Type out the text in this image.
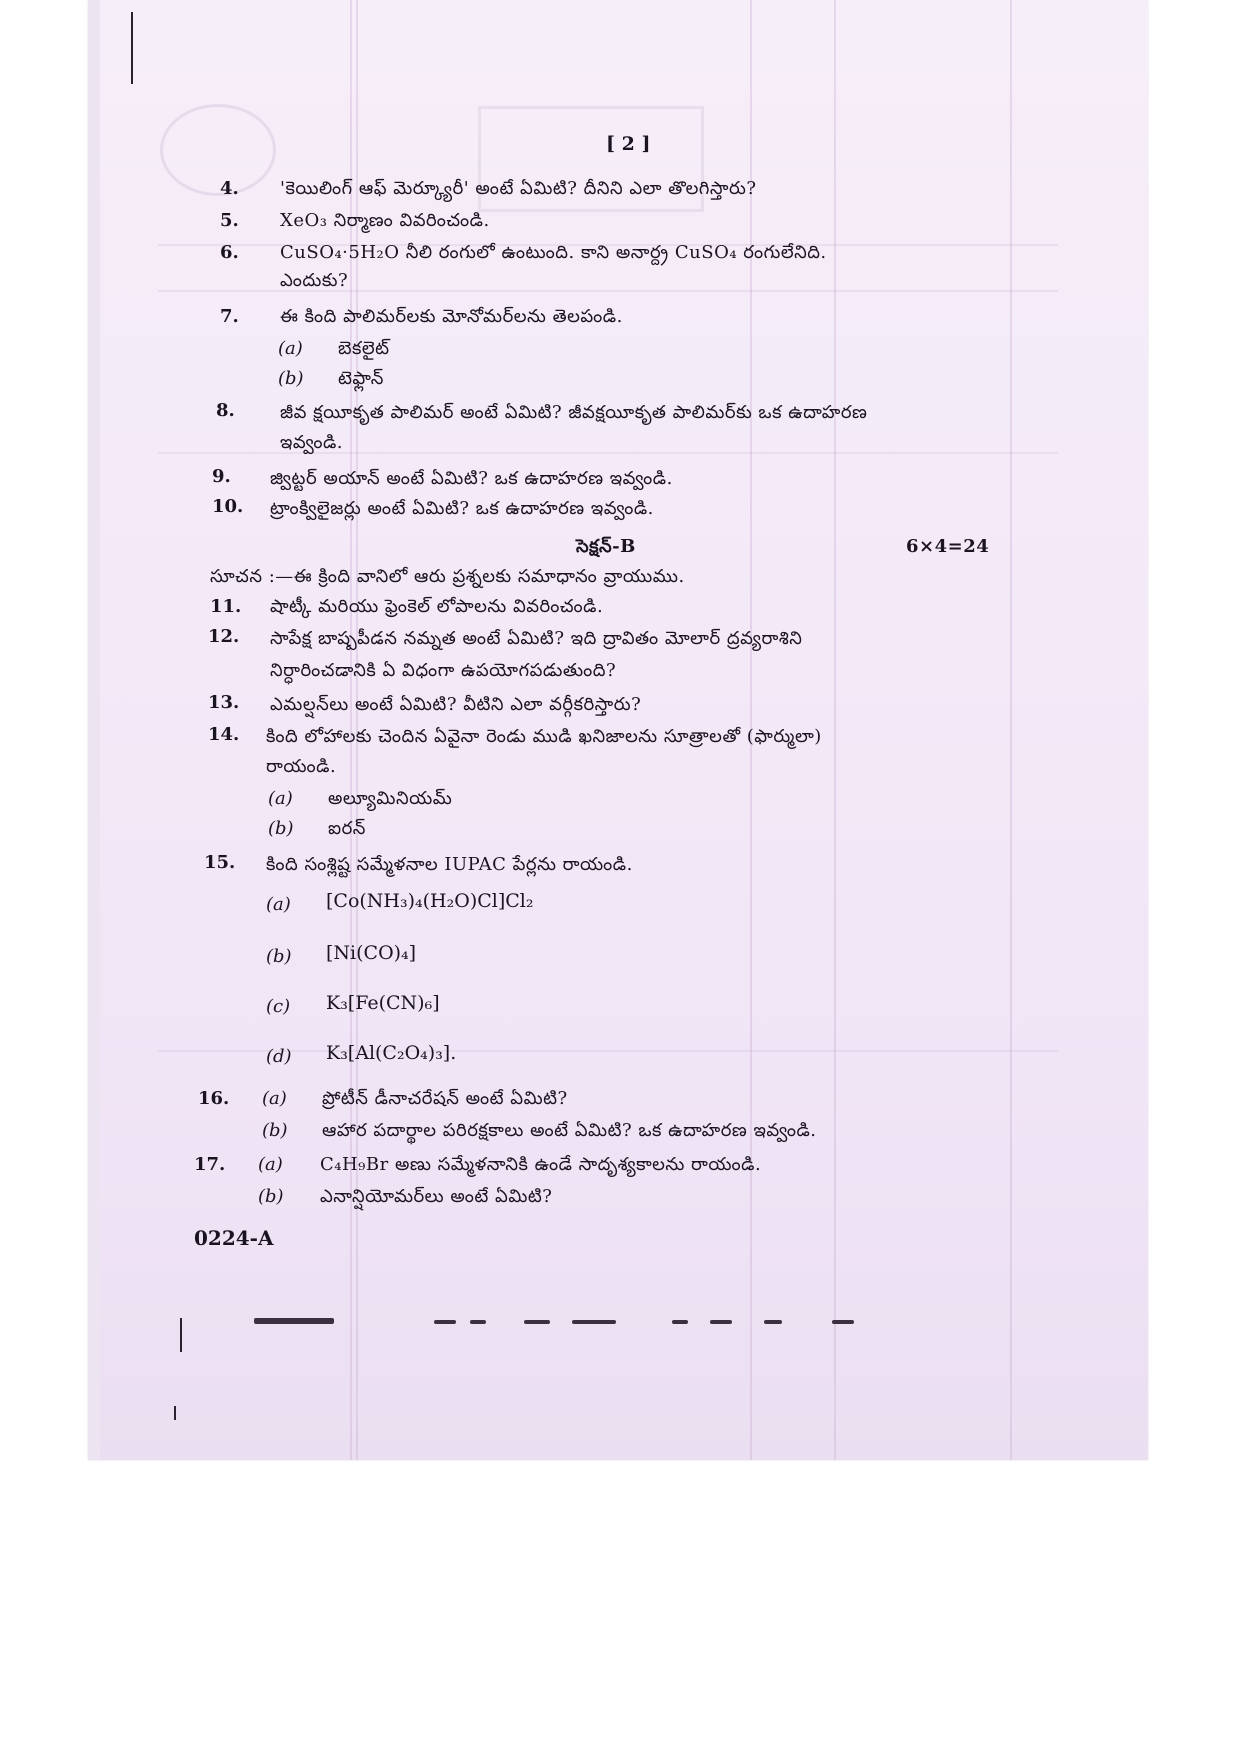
[ 2 ]
4. 'కెయిలింగ్ ఆఫ్ మెర్క్యూరీ' అంటే ఏమిటి? దీనిని ఎలా తొలగిస్తారు?
5. XeO₃ నిర్మాణం వివరించండి.
6. CuSO₄·5H₂O నీలి రంగులో ఉంటుంది. కాని అనార్ద్ర CuSO₄ రంగులేనిది.
ఎందుకు?
7. ఈ కింది పాలిమర్‌లకు మోనోమర్‌లను తెలపండి.
(a) బెకలైట్
(b) టెఫ్లాన్
8.	జీవ క్షయీకృత పాలిమర్ అంటే ఏమిటి? జీవక్షయీకృత పాలిమర్‌కు ఒక ఉదాహరణ
ఇవ్వండి.
9. జ్విట్టర్ అయాన్ అంటే ఏమిటి? ఒక ఉదాహరణ ఇవ్వండి.
10. ట్రాంక్విలైజర్లు అంటే ఏమిటి? ఒక ఉదాహరణ ఇవ్వండి.
సెక్షన్-B	6×4=24
సూచన :—ఈ క్రింది వానిలో ఆరు ప్రశ్నలకు సమాధానం వ్రాయుము.
11. షాట్కీ మరియు ఫ్రెంకెల్ లోపాలను వివరించండి.
12. సాపేక్ష బాష్పపీడన నమ్నత అంటే ఏమిటి? ఇది ద్రావితం మోలార్ ద్రవ్యరాశిని
నిర్ధారించడానికి ఏ విధంగా ఉపయోగపడుతుంది?
13. ఎమల్షన్‌లు అంటే ఏమిటి? వీటిని ఎలా వర్గీకరిస్తారు?
14. కింది లోహాలకు చెందిన ఏవైనా రెండు ముడి ఖనిజాలను సూత్రాలతో (ఫార్ములా)
రాయండి.
(a) అల్యూమినియమ్
(b) ఐరన్
15. కింది సంశ్లిష్ట సమ్మేళనాల IUPAC పేర్లను రాయండి.
(a) [Co(NH₃)₄(H₂O)Cl]Cl₂
(b) [Ni(CO)₄]
(c) K₃[Fe(CN)₆]
(d) K₃[Al(C₂O₄)₃].
16. (a) ప్రోటీన్ డీనాచరేషన్ అంటే ఏమిటి?
(b) ఆహార పదార్థాల పరిరక్షకాలు అంటే ఏమిటి? ఒక ఉదాహరణ ఇవ్వండి.
17. (a) C₄H₉Br అణు సమ్మేళనానికి ఉండే సాదృశ్యకాలను రాయండి.
(b) ఎనాన్షియోమర్‌లు అంటే ఏమిటి?
0224-A
